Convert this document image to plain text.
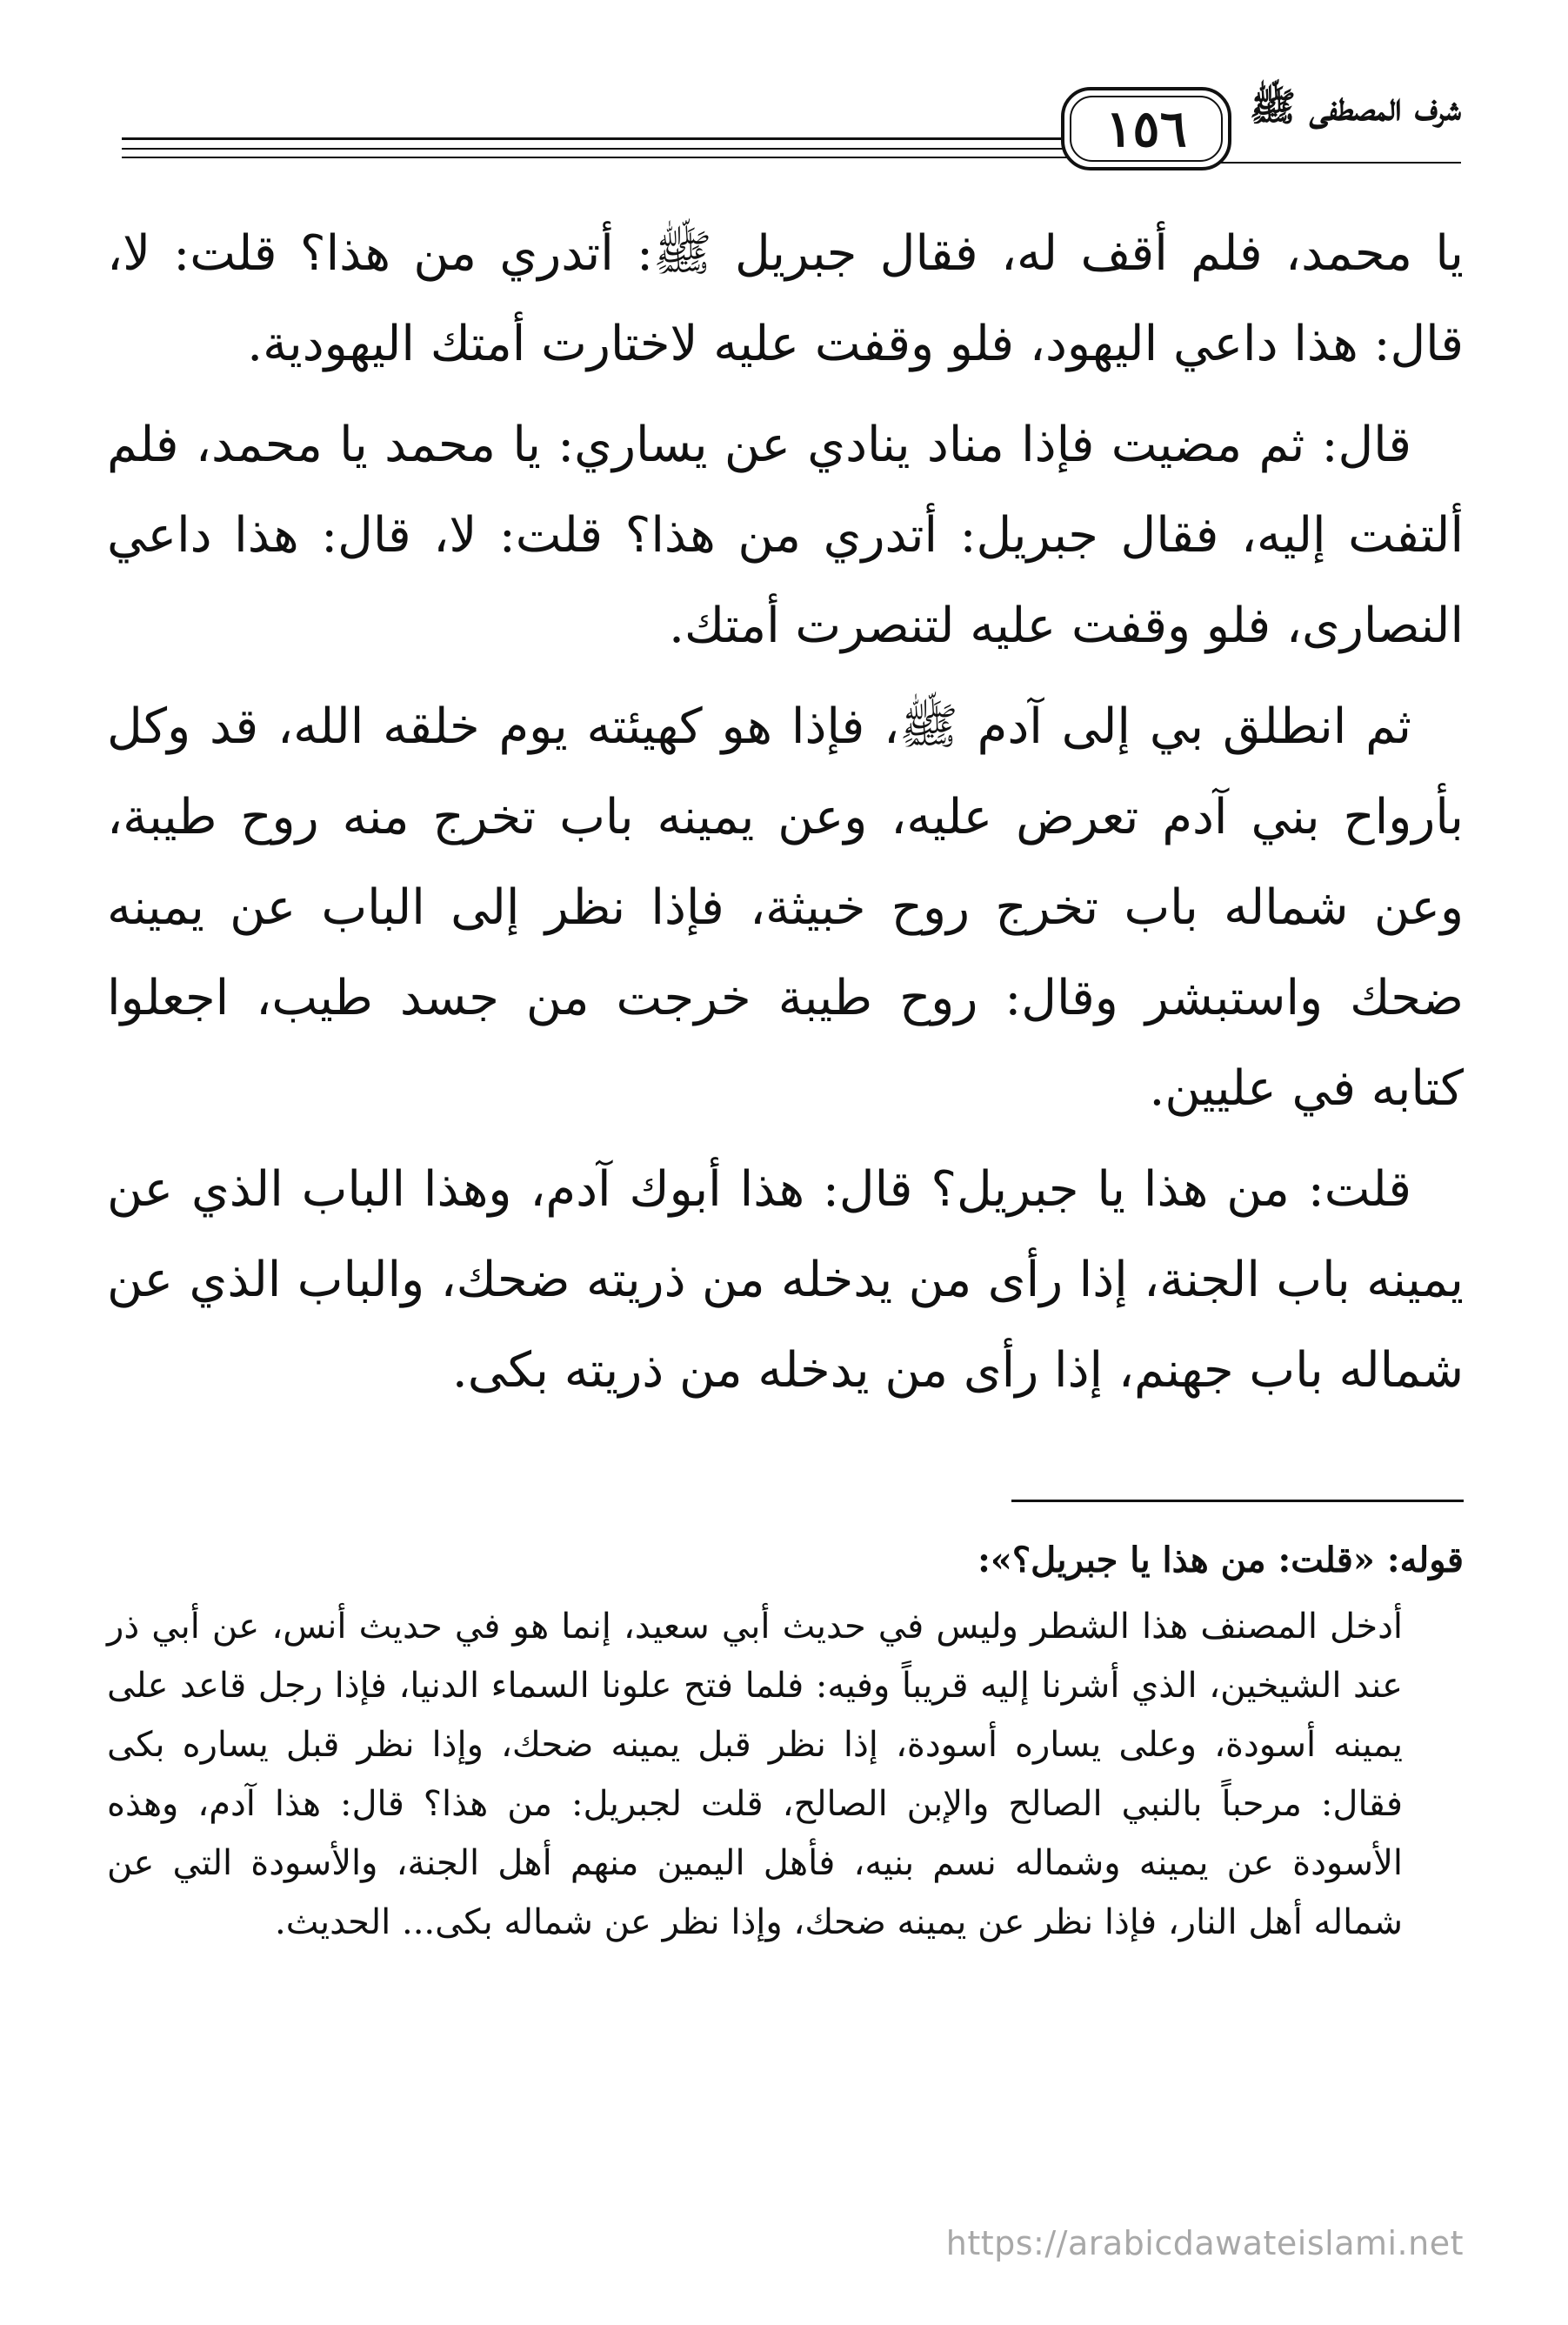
١٥٦	شرف المصطفى ﷺ

يا محمد، فلم أقف له، فقال جبريل ﷺ: أتدري من هذا؟ قلت: لا، قال: هذا داعي اليهود، فلو وقفت عليه لاختارت أمتك اليهودية.

قال: ثم مضيت فإذا مناد ينادي عن يساري: يا محمد يا محمد، فلم ألتفت إليه، فقال جبريل: أتدري من هذا؟ قلت: لا، قال: هذا داعي النصارى، فلو وقفت عليه لتنصرت أمتك.

ثم انطلق بي إلى آدم ﷺ، فإذا هو كهيئته يوم خلقه الله، قد وكل بأرواح بني آدم تعرض عليه، وعن يمينه باب تخرج منه روح طيبة، وعن شماله باب تخرج روح خبيثة، فإذا نظر إلى الباب عن يمينه ضحك واستبشر وقال: روح طيبة خرجت من جسد طيب، اجعلوا كتابه في عليين.

قلت: من هذا يا جبريل؟ قال: هذا أبوك آدم، وهذا الباب الذي عن يمينه باب الجنة، إذا رأى من يدخله من ذريته ضحك، والباب الذي عن شماله باب جهنم، إذا رأى من يدخله من ذريته بكى.

قوله: «قلت: من هذا يا جبريل؟»:

أدخل المصنف هذا الشطر وليس في حديث أبي سعيد، إنما هو في حديث أنس، عن أبي ذر عند الشيخين، الذي أشرنا إليه قريباً وفيه: فلما فتح علونا السماء الدنيا، فإذا رجل قاعد على يمينه أسودة، وعلى يساره أسودة، إذا نظر قبل يمينه ضحك، وإذا نظر قبل يساره بكى فقال: مرحباً بالنبي الصالح والإبن الصالح، قلت لجبريل: من هذا؟ قال: هذا آدم، وهذه الأسودة عن يمينه وشماله نسم بنيه، فأهل اليمين منهم أهل الجنة، والأسودة التي عن شماله أهل النار، فإذا نظر عن يمينه ضحك، وإذا نظر عن شماله بكى... الحديث.

https://arabicdawateislami.net
